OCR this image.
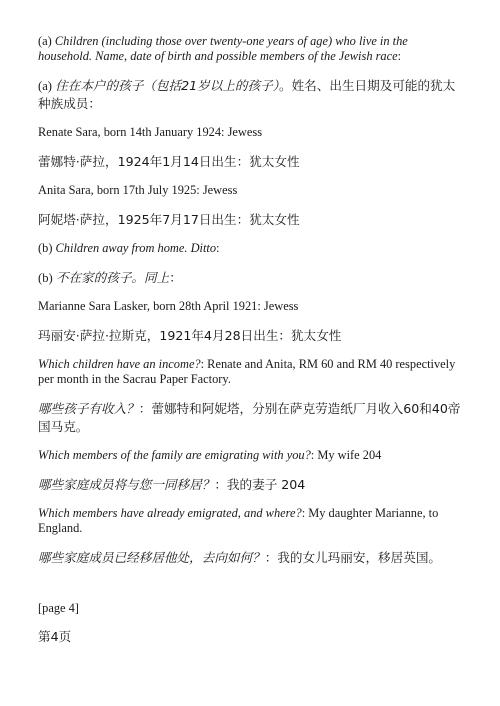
(a) Children (including those over twenty-one years of age) who live in the household. Name, date of birth and possible members of the Jewish race:

(a) 住在本户的孩子（包括21岁以上的孩子）。姓名、出生日期及可能的犹太种族成员：

Renate Sara, born 14th January 1924: Jewess

蕾娜特·萨拉，1924年1月14日出生：犹太女性

Anita Sara, born 17th July 1925: Jewess

阿妮塔·萨拉，1925年7月17日出生：犹太女性

(b) Children away from home. Ditto:

(b) 不在家的孩子。同上：

Marianne Sara Lasker, born 28th April 1921: Jewess

玛丽安·萨拉·拉斯克，1921年4月28日出生：犹太女性

Which children have an income?: Renate and Anita, RM 60 and RM 40 respectively per month in the Sacrau Paper Factory.

哪些孩子有收入？：蕾娜特和阿妮塔，分别在萨克劳造纸厂月收入60和40帝国马克。

Which members of the family are emigrating with you?: My wife 204

哪些家庭成员将与您一同移居？：我的妻子 204

Which members have already emigrated, and where?: My daughter Marianne, to England.

哪些家庭成员已经移居他处，去向如何？：我的女儿玛丽安，移居英国。

[page 4]

第4页
